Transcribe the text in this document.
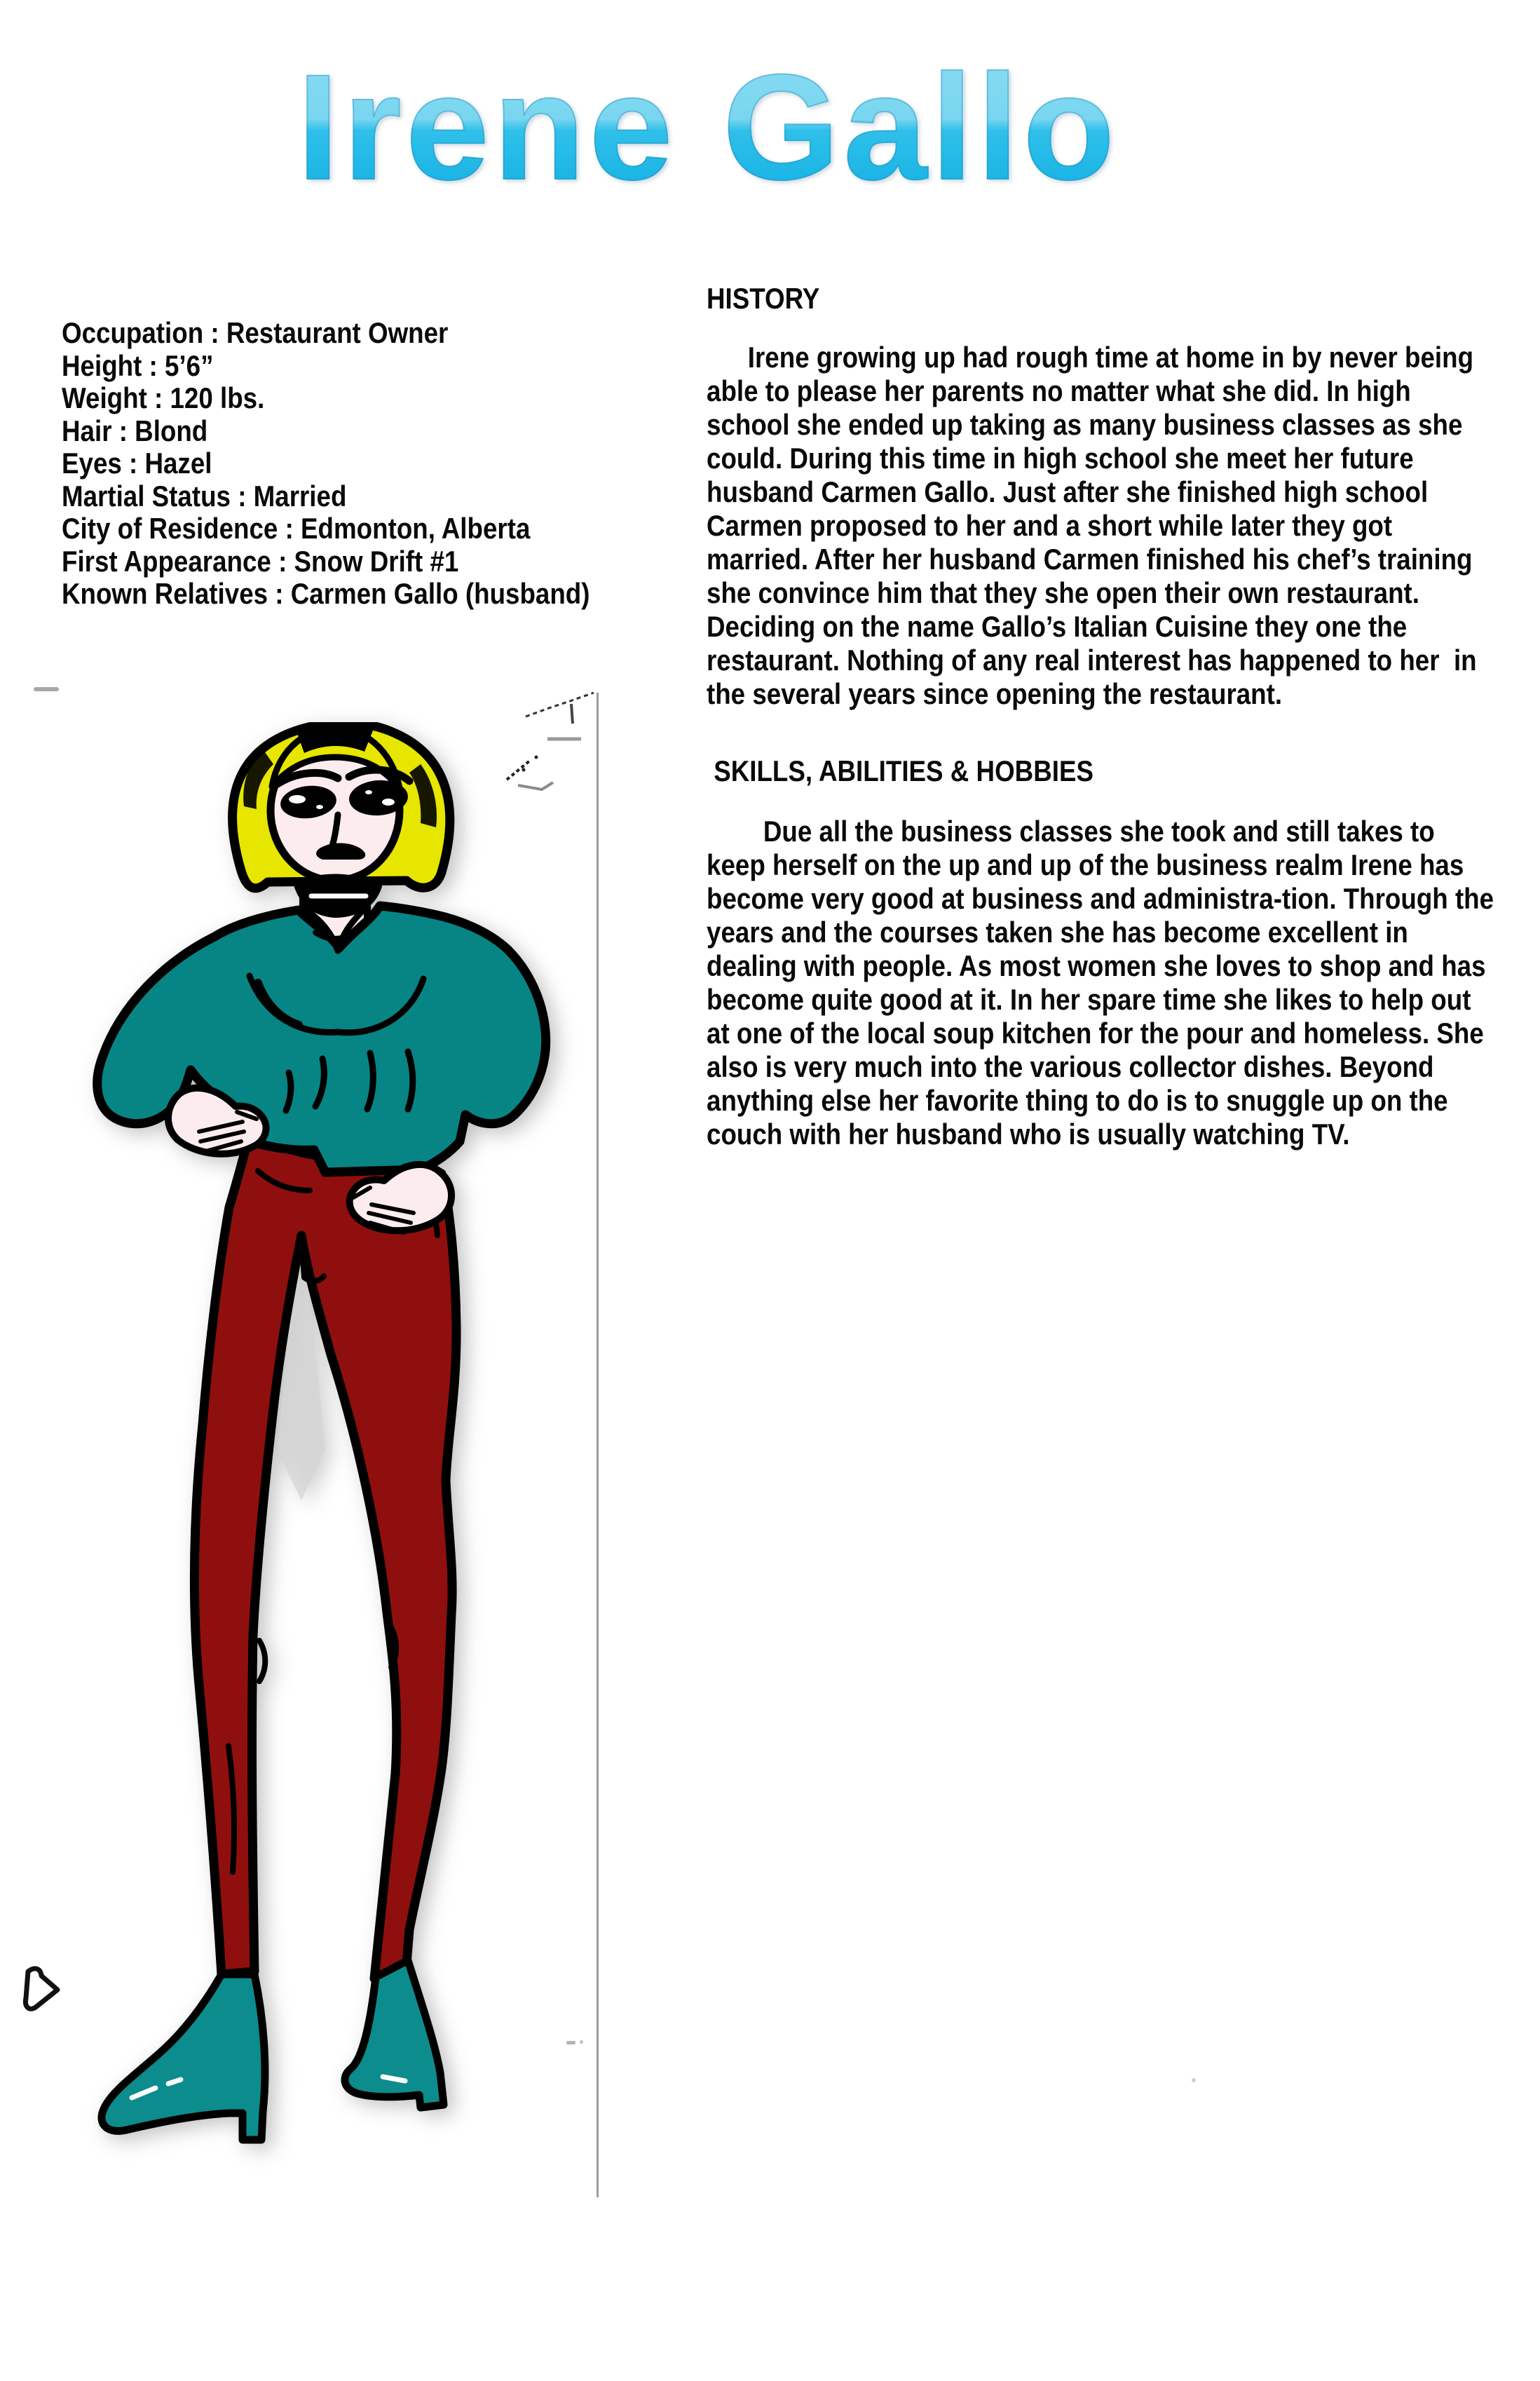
Irene Gallo
Occupation : Restaurant Owner
Height : 5’6”
Weight : 120 lbs.
Hair : Blond
Eyes : Hazel
Martial Status : Married
City of Residence : Edmonton, Alberta
First Appearance : Snow Drift #1
Known Relatives : Carmen Gallo (husband)
HISTORY

Irene growing up had rough time at home in by never being able to please her parents no matter what she did. In high school she ended up taking as many business classes as she could. During this time in high school she meet her future husband Carmen Gallo. Just after she finished high school Carmen proposed to her and a short while later they got married. After her husband Carmen finished his chef’s training she convince him that they she open their own restaurant. Deciding on the name Gallo’s Italian Cuisine they one the restaurant. Nothing of any real interest has happened to her  in the several years since opening the restaurant.

SKILLS, ABILITIES & HOBBIES

Due all the business classes she took and still takes to keep herself on the up and up of the business realm Irene has become very good at business and administra-tion. Through the years and the courses taken she has become excellent in dealing with people. As most women she loves to shop and has become quite good at it. In her spare time she likes to help out at one of the local soup kitchen for the pour and homeless. She also is very much into the various collector dishes. Beyond anything else her favorite thing to do is to snuggle up on the couch with her husband who is usually watching TV.
